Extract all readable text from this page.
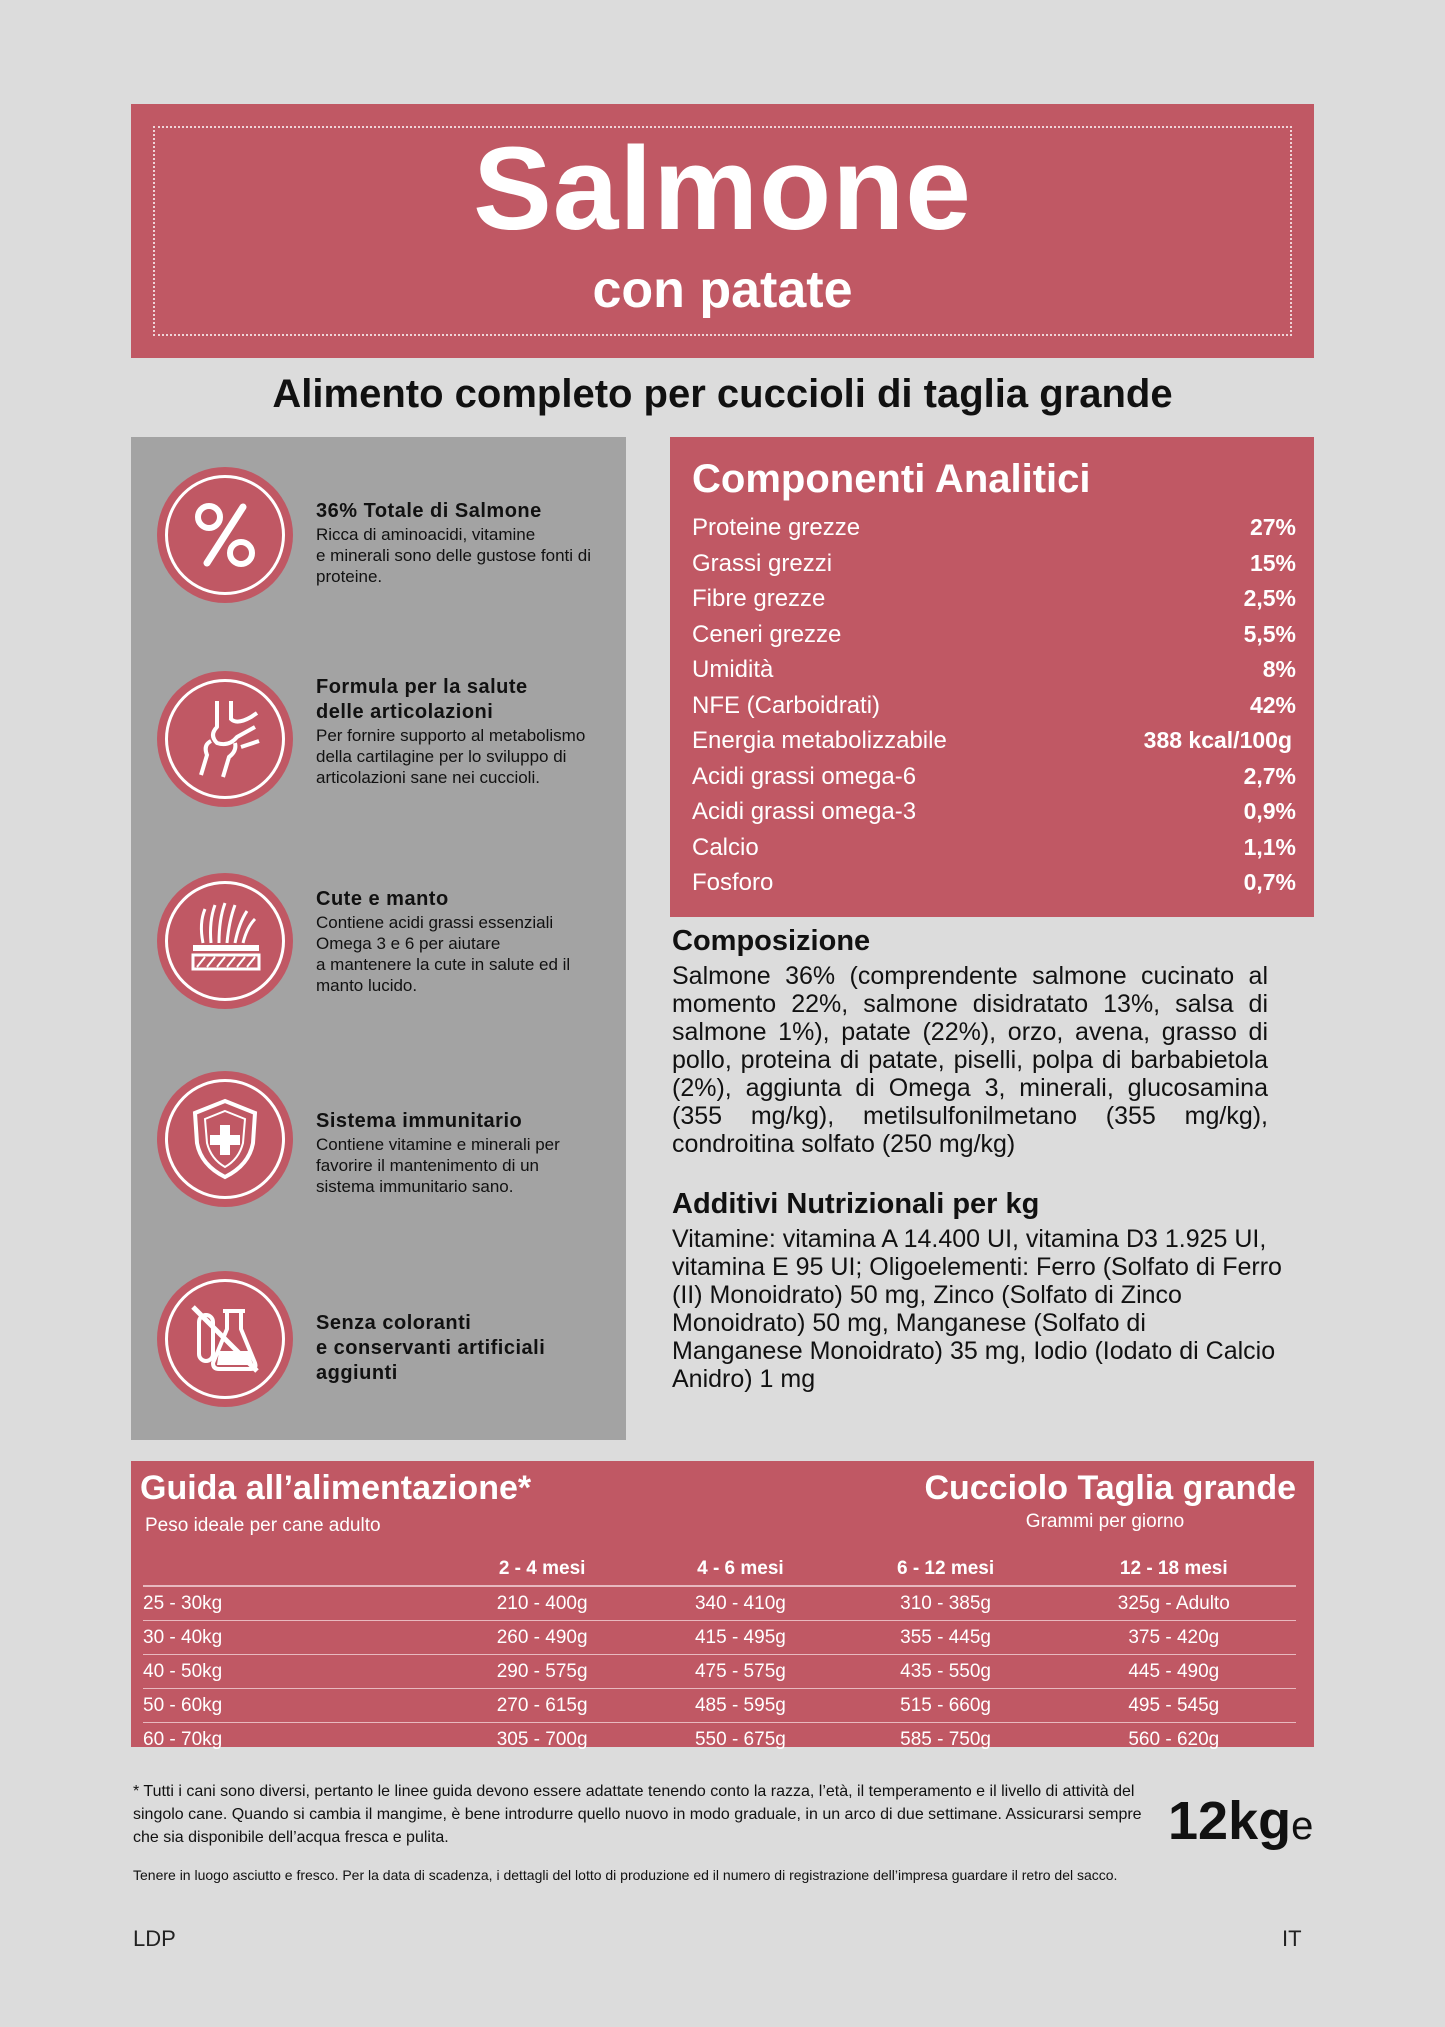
Salmone
con patate
Alimento completo per cuccioli di taglia grande
36% Totale di Salmone
Ricca di aminoacidi, vitamine
e minerali sono delle gustose fonti di
proteine.
Formula per la salute
delle articolazioni
Per fornire supporto al metabolismo
della cartilagine per lo sviluppo di
articolazioni sane nei cuccioli.
Cute e manto
Contiene acidi grassi essenziali
Omega 3 e 6 per aiutare
a mantenere la cute in salute ed il
manto lucido.
Sistema immunitario
Contiene vitamine e minerali per
favorire il mantenimento di un
sistema immunitario sano.
Senza coloranti
e conservanti artificiali
aggiunti
Componenti Analitici
Proteine grezze	27%
Grassi grezzi	15%
Fibre grezze	2,5%
Ceneri grezze	5,5%
Umidità	8%
NFE (Carboidrati)	42%
Energia metabolizzabile	388 kcal/100g
Acidi grassi omega-6	2,7%
Acidi grassi omega-3	0,9%
Calcio	1,1%
Fosforo	0,7%
Composizione
Salmone 36% (comprendente salmone cucinato al momento 22%, salmone disidratato 13%, salsa di salmone 1%), patate (22%), orzo, avena, grasso di pollo, proteina di patate, piselli, polpa di barbabietola (2%), aggiunta di Omega 3, minerali, glucosamina (355 mg/kg), metilsulfonilmetano (355 mg/kg), condroitina solfato (250 mg/kg)
Additivi Nutrizionali per kg
Vitamine: vitamina A 14.400 UI, vitamina D3 1.925 UI, vitamina E 95 UI; Oligoelementi: Ferro (Solfato di Ferro (II) Monoidrato) 50 mg, Zinco (Solfato di Zinco Monoidrato) 50 mg, Manganese (Solfato di Manganese Monoidrato) 35 mg, Iodio (Iodato di Calcio Anidro) 1 mg
Guida all’alimentazione*
Peso ideale per cane adulto
Cucciolo Taglia grande
Grammi per giorno
	2 - 4 mesi	4 - 6 mesi	6 - 12 mesi	12 - 18 mesi
25 - 30kg	210 - 400g	340 - 410g	310 - 385g	325g - Adulto
30 - 40kg	260 - 490g	415 - 495g	355 - 445g	375 - 420g
40 - 50kg	290 - 575g	475 - 575g	435 - 550g	445 - 490g
50 - 60kg	270 - 615g	485 - 595g	515 - 660g	495 - 545g
60 - 70kg	305 - 700g	550 - 675g	585 - 750g	560 - 620g
* Tutti i cani sono diversi, pertanto le linee guida devono essere adattate tenendo conto la razza, l’età, il temperamento e il livello di attività del singolo cane. Quando si cambia il mangime, è bene introdurre quello nuovo in modo graduale, in un arco di due settimane. Assicurarsi sempre che sia disponibile dell’acqua fresca e pulita.	12kge
Tenere in luogo asciutto e fresco. Per la data di scadenza, i dettagli del lotto di produzione ed il numero di registrazione dell’impresa guardare il retro del sacco.
LDP	IT
